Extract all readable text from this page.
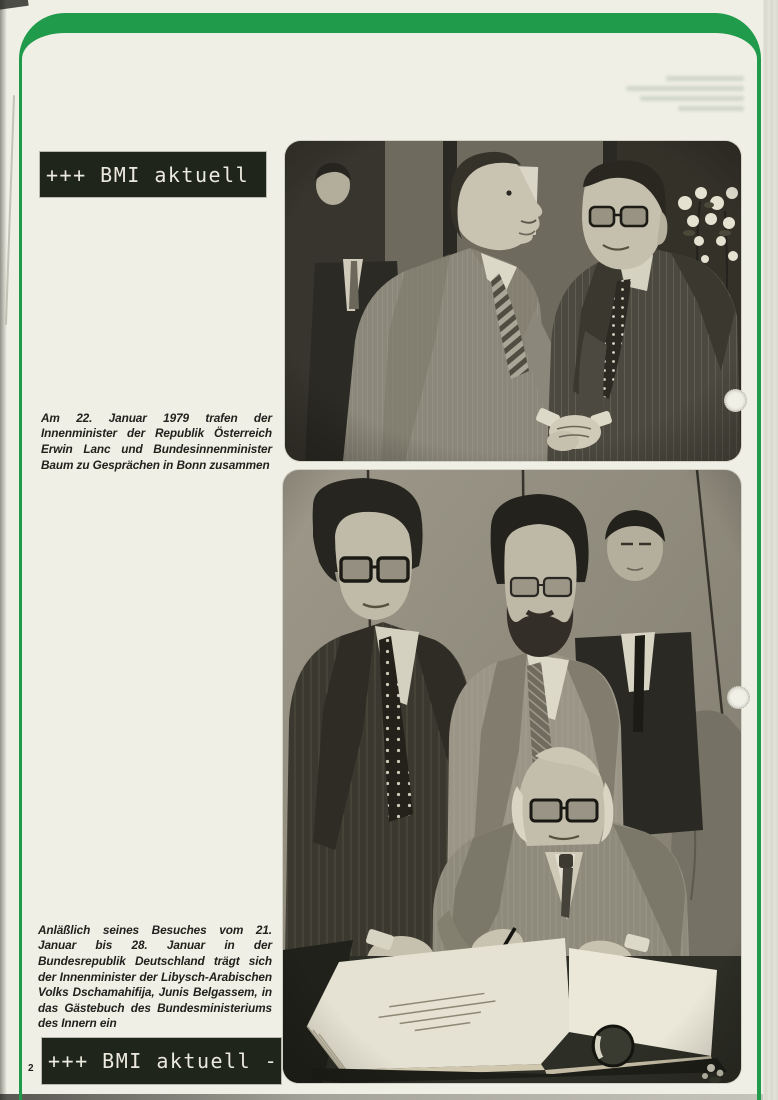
+++ BMI aktuell

Am 22. Januar 1979 trafen der Innenminister der Republik Österreich Erwin Lanc und Bundesinnenminister Baum zu Gesprächen in Bonn zusammen

Anläßlich seines Besuches vom 21. Januar bis 28. Januar in der Bundesrepublik Deutschland trägt sich der Innenminister der Libysch-Arabischen Volks Dschamahifija, Junis Belgassem, in das Gästebuch des Bundesministeriums des Innern ein

+++ BMI aktuell -
2
